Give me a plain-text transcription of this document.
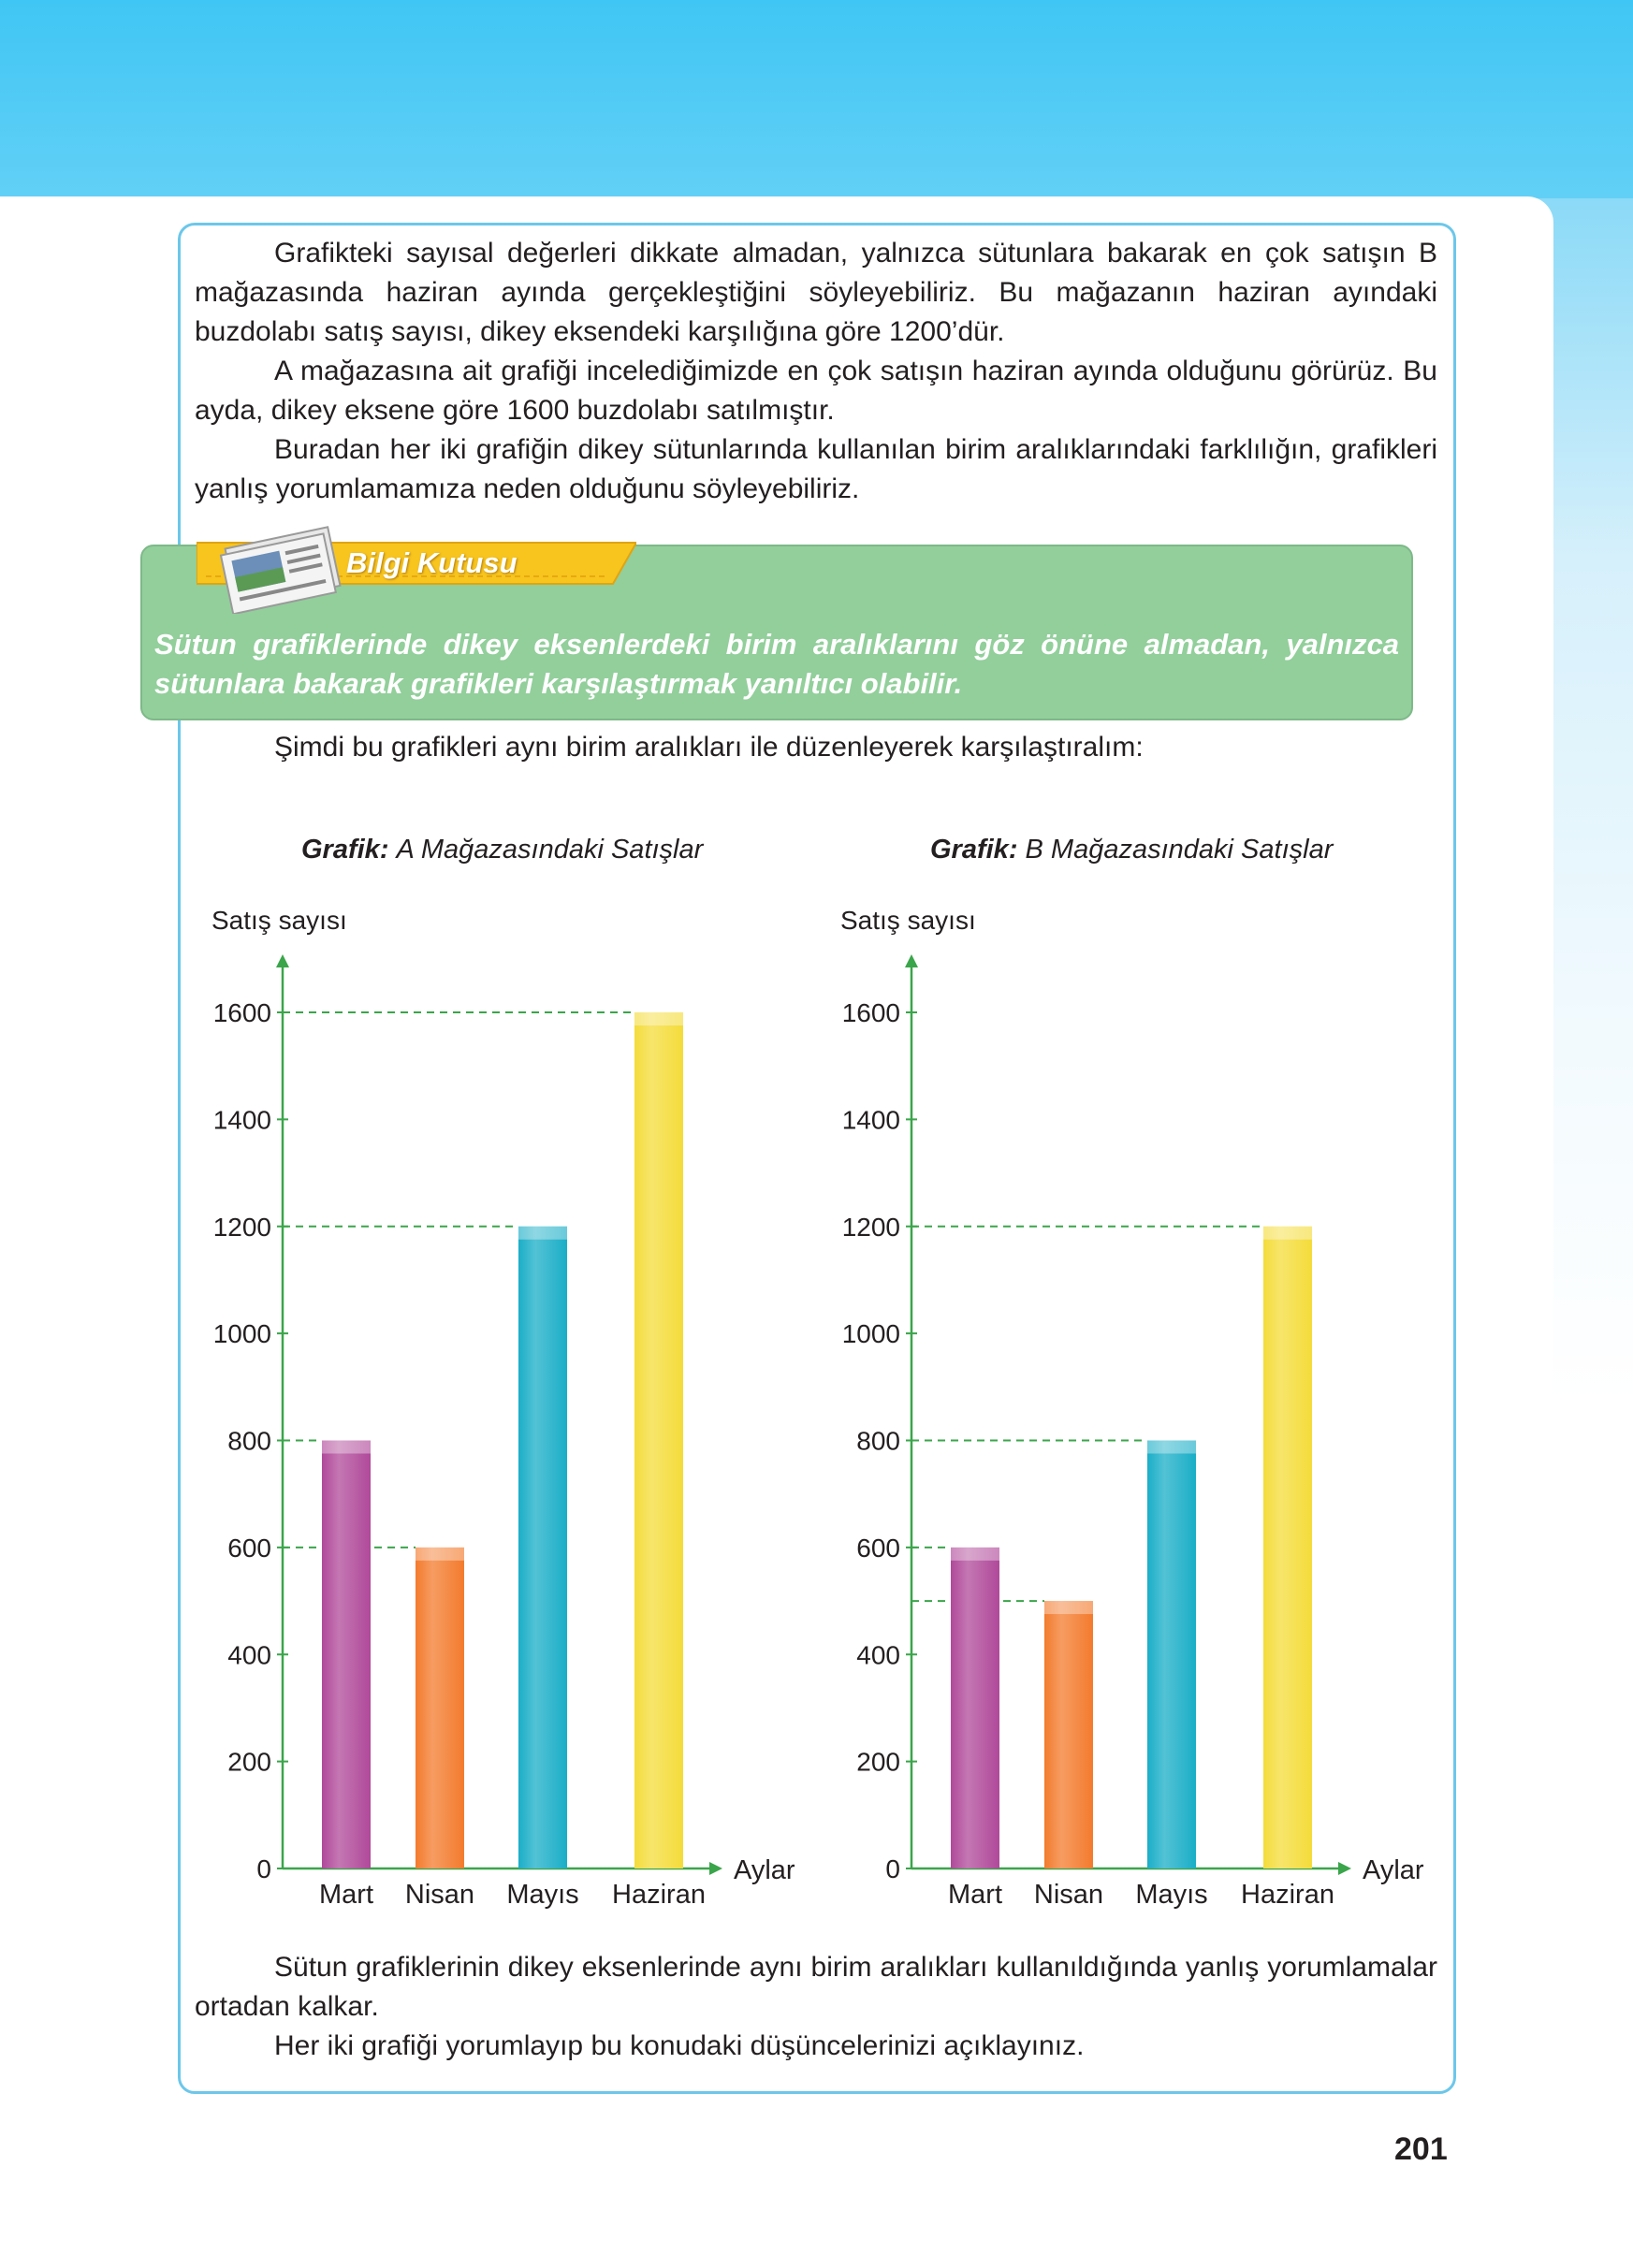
Grafikteki sayısal değerleri dikkate almadan, yalnızca sütunlara bakarak en çok satışın B mağazasında haziran ayında gerçekleştiğini söyleyebiliriz. Bu mağazanın haziran ayındaki buzdolabı satış sayısı, dikey eksendeki karşılığına göre 1200’dür.

A mağazasına ait grafiği incelediğimizde en çok satışın haziran ayında olduğunu görürüz. Bu ayda, dikey eksene göre 1600 buzdolabı satılmıştır.

Buradan her iki grafiğin dikey sütunlarında kullanılan birim aralıklarındaki farklılığın, grafikleri yanlış yorumlamamıza neden olduğunu söyleyebiliriz.

Bilgi Kutusu

Sütun grafiklerinde dikey eksenlerdeki birim aralıklarını göz önüne almadan, yalnızca sütunlara bakarak grafikleri karşılaştırmak yanıltıcı olabilir.

Şimdi bu grafikleri aynı birim aralıkları ile düzenleyerek karşılaştıralım:

Grafik: A Mağazasındaki Satışlar
Satış sayısı
Aylar
0
200
400
600
800
1000
1200
1400
1600
Mart Nisan Mayıs Haziran
Grafik: B Mağazasındaki Satışlar
Satış sayısı
Aylar
0
200
400
600
800
1000
1200
1400
1600
Mart Nisan Mayıs Haziran

Sütun grafiklerinin dikey eksenlerinde aynı birim aralıkları kullanıldığında yanlış yorumlamalar ortadan kalkar.

Her iki grafiği yorumlayıp bu konudaki düşüncelerinizi açıklayınız.

201
